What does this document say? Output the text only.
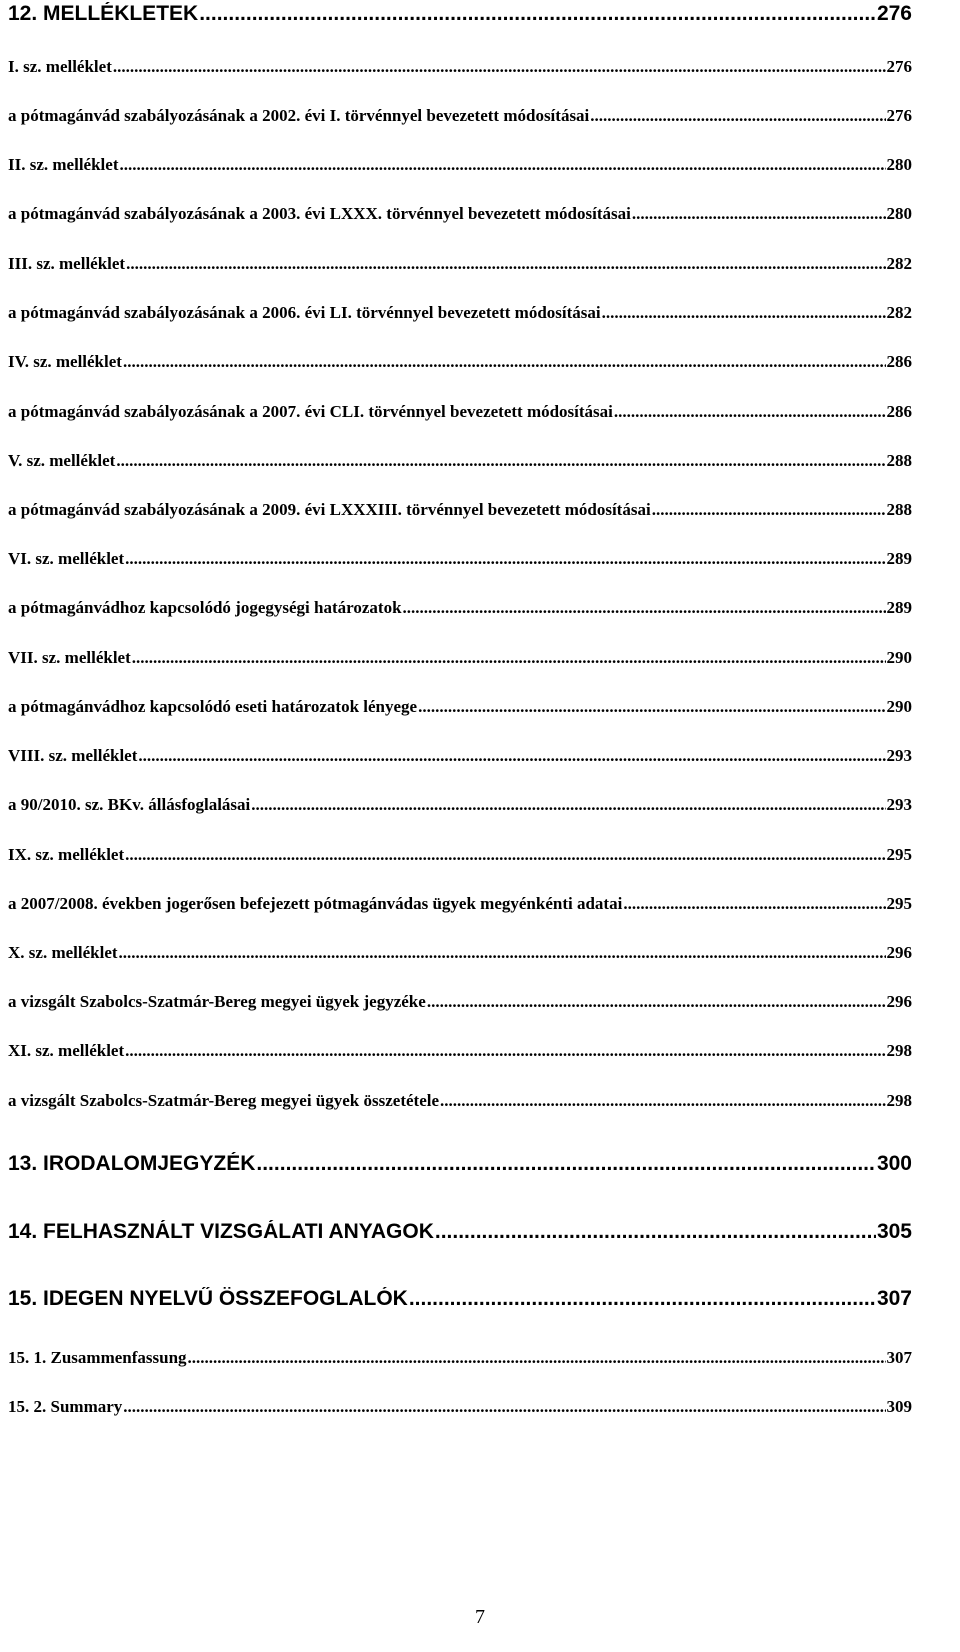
12. MELLÉKLETEK .....	276
I. sz. melléklet .....	276
a pótmagánvád szabályozásának a 2002. évi I. törvénnyel bevezetett módosításai .....	276
II. sz. melléklet .....	280
a pótmagánvád szabályozásának a 2003. évi LXXX. törvénnyel bevezetett módosításai .....	280
III. sz. melléklet .....	282
a pótmagánvád szabályozásának a 2006. évi LI. törvénnyel bevezetett módosításai .....	282
IV. sz. melléklet .....	286
a pótmagánvád szabályozásának a 2007. évi CLI. törvénnyel bevezetett módosításai .....	286
V. sz. melléklet .....	288
a pótmagánvád szabályozásának a 2009. évi LXXXIII. törvénnyel bevezetett módosításai .....	288
VI. sz. melléklet .....	289
a pótmagánvádhoz kapcsolódó jogegységi határozatok .....	289
VII. sz. melléklet .....	290
a pótmagánvádhoz kapcsolódó eseti határozatok lényege .....	290
VIII. sz. melléklet .....	293
a 90/2010. sz. BKv. állásfoglalásai .....	293
IX. sz. melléklet .....	295
a 2007/2008. években jogerősen befejezett pótmagánvádas ügyek megyénkénti adatai .....	295
X. sz. melléklet .....	296
a vizsgált Szabolcs-Szatmár-Bereg megyei ügyek jegyzéke .....	296
XI. sz. melléklet .....	298
a vizsgált Szabolcs-Szatmár-Bereg megyei ügyek összetétele .....	298
13. IRODALOMJEGYZÉK .....	300
14. FELHASZNÁLT VIZSGÁLATI ANYAGOK .....	305
15. IDEGEN NYELVŰ ÖSSZEFOGLALÓK .....	307
15. 1. Zusammenfassung .....	307
15. 2. Summary .....	309
7
